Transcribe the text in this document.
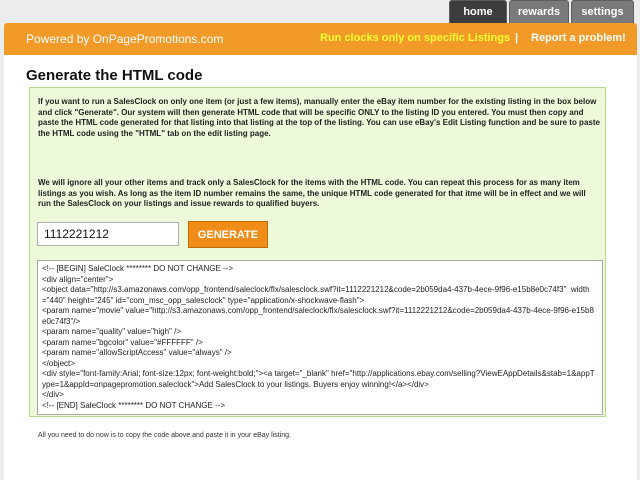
home	rewards	settings
Powered by OnPagePromotions.com	Run clocks only on specific Listings | Report a problem!
Generate the HTML code

If you want to run a SalesClock on only one item (or just a few items), manually enter the eBay item number for the existing listing in the box below and click "Generate". Our system will then generate HTML code that will be specific ONLY to the listing ID you entered. You must then copy and paste the HTML code generated for that listing into that listing at the top of the listing. You can use eBay's Edit Listing function and be sure to paste the HTML code using the "HTML" tab on the edit listing page.

We will ignore all your other items and track only a SalesClock for the items with the HTML code. You can repeat this process for as many item listings as you wish. As long as the item ID number remains the same, the unique HTML code generated for that itme will be in effect and we will run the SalesClock on your listings and issue rewards to qualified buyers.

1112221212
GENERATE
<!-- [BEGIN] SaleClock ******** DO NOT CHANGE -->
<div align="center">
<object data="http://s3.amazonaws.com/opp_frontend/saleclock/flx/salesclock.swf?it=1112221212&code=2b059da4-437b-4ece-9f96-e15b8e0c74f3"  width="440" height="245" id="com_msc_opp_salesclock" type="application/x-shockwave-flash">
<param name="movie" value="http://s3.amazonaws.com/opp_frontend/saleclock/flx/salesclock.swf?it=1112221212&code=2b059da4-437b-4ece-9f96-e15b8e0c74f3"/>
<param name="quality" value="high" />
<param name="bgcolor" value="#FFFFFF" />
<param name="allowScriptAccess" value="always" />
</object>
<div style="font-family:Arial; font-size:12px; font-weight:bold;"><a target="_blank" href="http://applications.ebay.com/selling?ViewEAppDetails&stab=1&appType=1&appId=onpagepromotion.saleclock">Add SalesClock to your listings. Buyers enjoy winning!</a></div>
</div>
<!-- [END] SaleClock ******** DO NOT CHANGE -->
All you need to do now is to copy the code above and paste it in your eBay listing.
